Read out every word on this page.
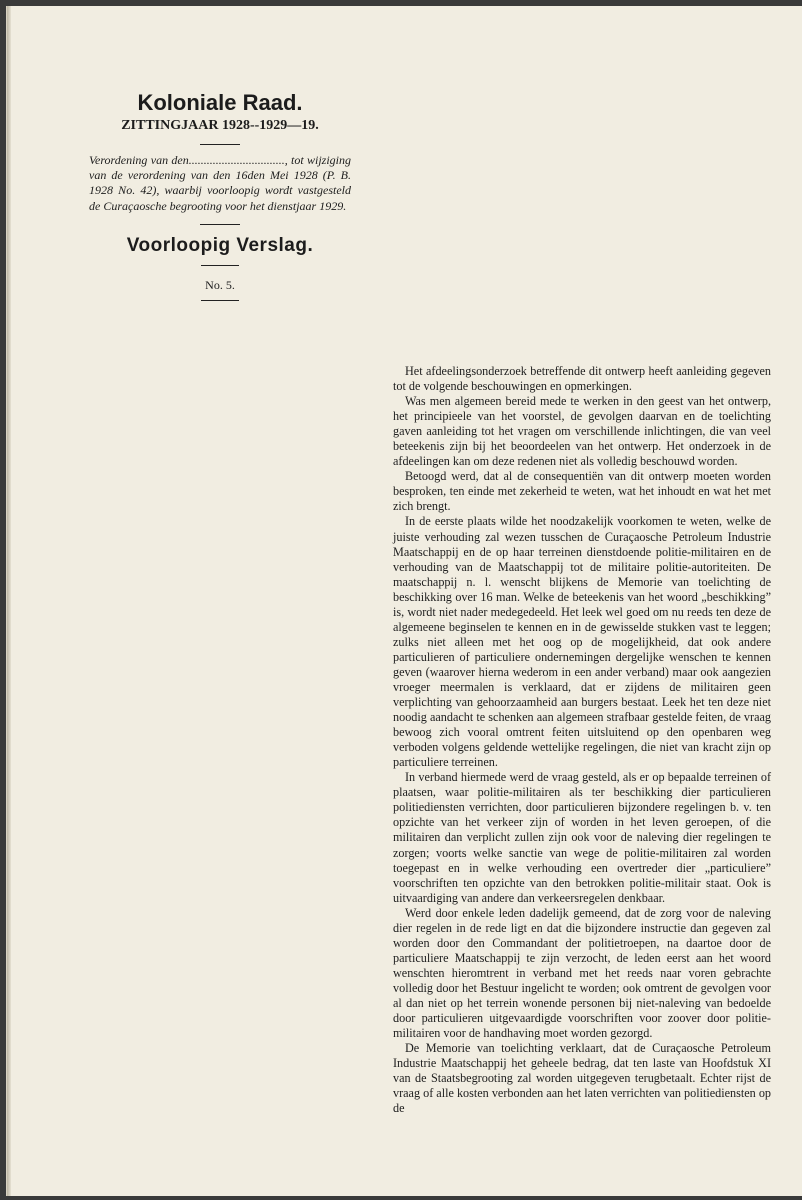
Koloniale Raad.

ZITTINGJAAR 1928--1929—19.

Verordening van den................................, tot wijziging van de verordening van den 16den Mei 1928 (P. B. 1928 No. 42), waarbij voorloopig wordt vastgesteld de Curaçaosche begrooting voor het dienstjaar 1929.

Voorloopig Verslag.

No. 5.

Het afdeelingsonderzoek betreffende dit ontwerp heeft aanleiding gegeven tot de volgende beschouwingen en opmerkingen.

Was men algemeen bereid mede te werken in den geest van het ontwerp, het principieele van het voorstel, de gevolgen daarvan en de toelichting gaven aanleiding tot het vragen om verschillende inlichtingen, die van veel beteekenis zijn bij het beoordeelen van het ontwerp. Het onderzoek in de afdeelingen kan om deze redenen niet als volledig beschouwd worden.

Betoogd werd, dat al de consequentiën van dit ontwerp moeten worden besproken, ten einde met zekerheid te weten, wat het inhoudt en wat het met zich brengt.

In de eerste plaats wilde het noodzakelijk voorkomen te weten, welke de juiste verhouding zal wezen tusschen de Curaçaosche Petroleum Industrie Maatschappij en de op haar terreinen dienstdoende politie-militairen en de verhouding van de Maatschappij tot de militaire politie-autoriteiten. De maatschappij n. l. wenscht blijkens de Memorie van toelichting de beschikking over 16 man. Welke de beteekenis van het woord „beschikking” is, wordt niet nader medegedeeld. Het leek wel goed om nu reeds ten deze de algemeene beginselen te kennen en in de gewisselde stukken vast te leggen; zulks niet alleen met het oog op de mogelijkheid, dat ook andere particulieren of particuliere ondernemingen dergelijke wenschen te kennen geven (waarover hierna wederom in een ander verband) maar ook aangezien vroeger meermalen is verklaard, dat er zijdens de militairen geen verplichting van gehoorzaamheid aan burgers bestaat. Leek het ten deze niet noodig aandacht te schenken aan algemeen strafbaar gestelde feiten, de vraag bewoog zich vooral omtrent feiten uitsluitend op den openbaren weg verboden volgens geldende wettelijke regelingen, die niet van kracht zijn op particuliere terreinen.

In verband hiermede werd de vraag gesteld, als er op bepaalde terreinen of plaatsen, waar politie-militairen als ter beschikking dier particulieren politiediensten verrichten, door particulieren bijzondere regelingen b. v. ten opzichte van het verkeer zijn of worden in het leven geroepen, of die militairen dan verplicht zullen zijn ook voor de naleving dier regelingen te zorgen; voorts welke sanctie van wege de politie-militairen zal worden toegepast en in welke verhouding een overtreder dier „particuliere” voorschriften ten opzichte van den betrokken politie-militair staat. Ook is uitvaardiging van andere dan verkeersregelen denkbaar.

Werd door enkele leden dadelijk gemeend, dat de zorg voor de naleving dier regelen in de rede ligt en dat die bijzondere instructie dan gegeven zal worden door den Commandant der politietroepen, na daartoe door de particuliere Maatschappij te zijn verzocht, de leden eerst aan het woord wenschten hieromtrent in verband met het reeds naar voren gebrachte volledig door het Bestuur ingelicht te worden; ook omtrent de gevolgen voor al dan niet op het terrein wonende personen bij niet-naleving van bedoelde door particulieren uitgevaardigde voorschriften voor zoover door politie-militairen voor de handhaving moet worden gezorgd.

De Memorie van toelichting verklaart, dat de Curaçaosche Petroleum Industrie Maatschappij het geheele bedrag, dat ten laste van Hoofdstuk XI van de Staatsbegrooting zal worden uitgegeven terugbetaalt. Echter rijst de vraag of alle kosten verbonden aan het laten verrichten van politiediensten op de
